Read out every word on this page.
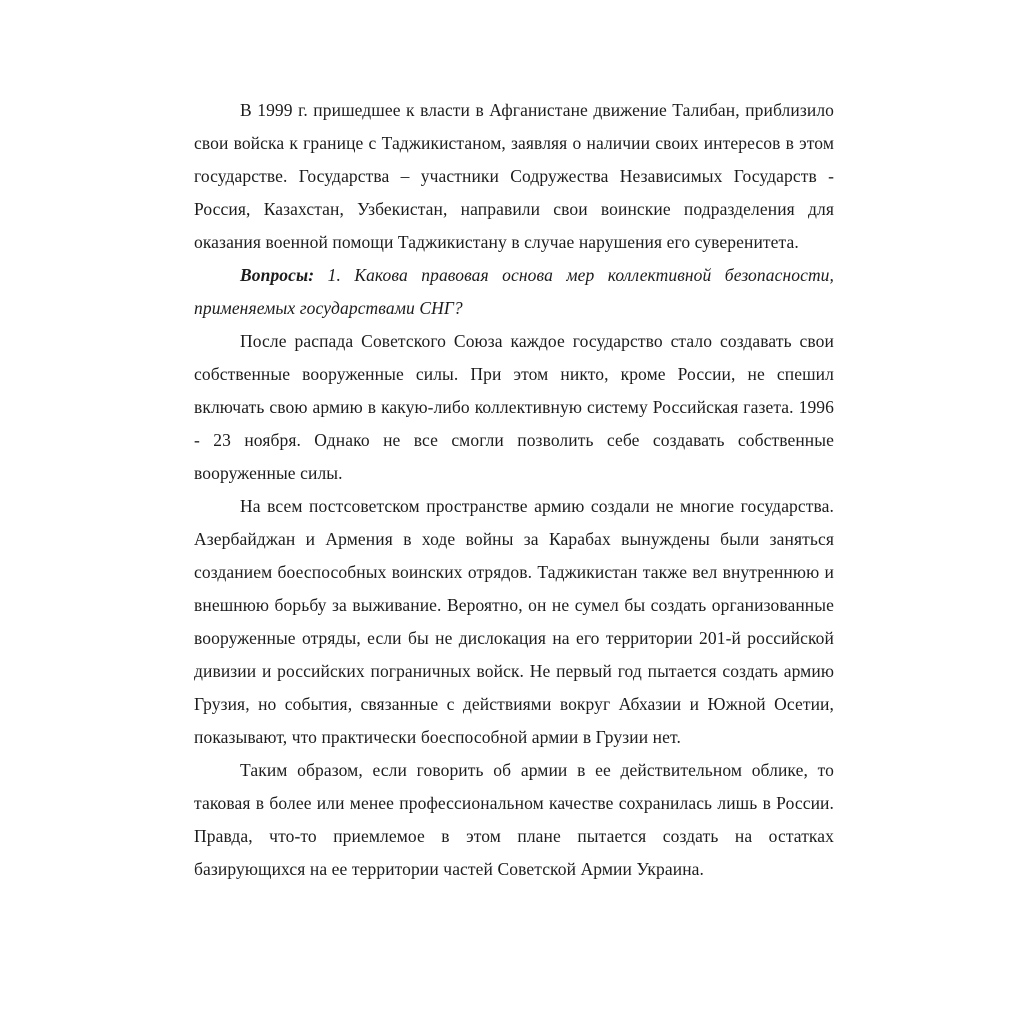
В 1999 г. пришедшее к власти в Афганистане движение Талибан, приблизило свои войска к границе с Таджикистаном, заявляя о наличии своих интересов в этом государстве. Государства – участники Содружества Независимых Государств - Россия, Казахстан, Узбекистан, направили свои воинские подразделения для оказания военной помощи Таджикистану в случае нарушения его суверенитета.

Вопросы: 1. Какова правовая основа мер коллективной безопасности, применяемых государствами СНГ?

После распада Советского Союза каждое государство стало создавать свои собственные вооруженные силы. При этом никто, кроме России, не спешил включать свою армию в какую-либо коллективную систему Российская газета. 1996 - 23 ноября. Однако не все смогли позволить себе создавать собственные вооруженные силы.

На всем постсоветском пространстве армию создали не многие государства. Азербайджан и Армения в ходе войны за Карабах вынуждены были заняться созданием боеспособных воинских отрядов. Таджикистан также вел внутреннюю и внешнюю борьбу за выживание. Вероятно, он не сумел бы создать организованные вооруженные отряды, если бы не дислокация на его территории 201-й российской дивизии и российских пограничных войск. Не первый год пытается создать армию Грузия, но события, связанные с действиями вокруг Абхазии и Южной Осетии, показывают, что практически боеспособной армии в Грузии нет.

Таким образом, если говорить об армии в ее действительном облике, то таковая в более или менее профессиональном качестве сохранилась лишь в России. Правда, что-то приемлемое в этом плане пытается создать на остатках базирующихся на ее территории частей Советской Армии Украина.
